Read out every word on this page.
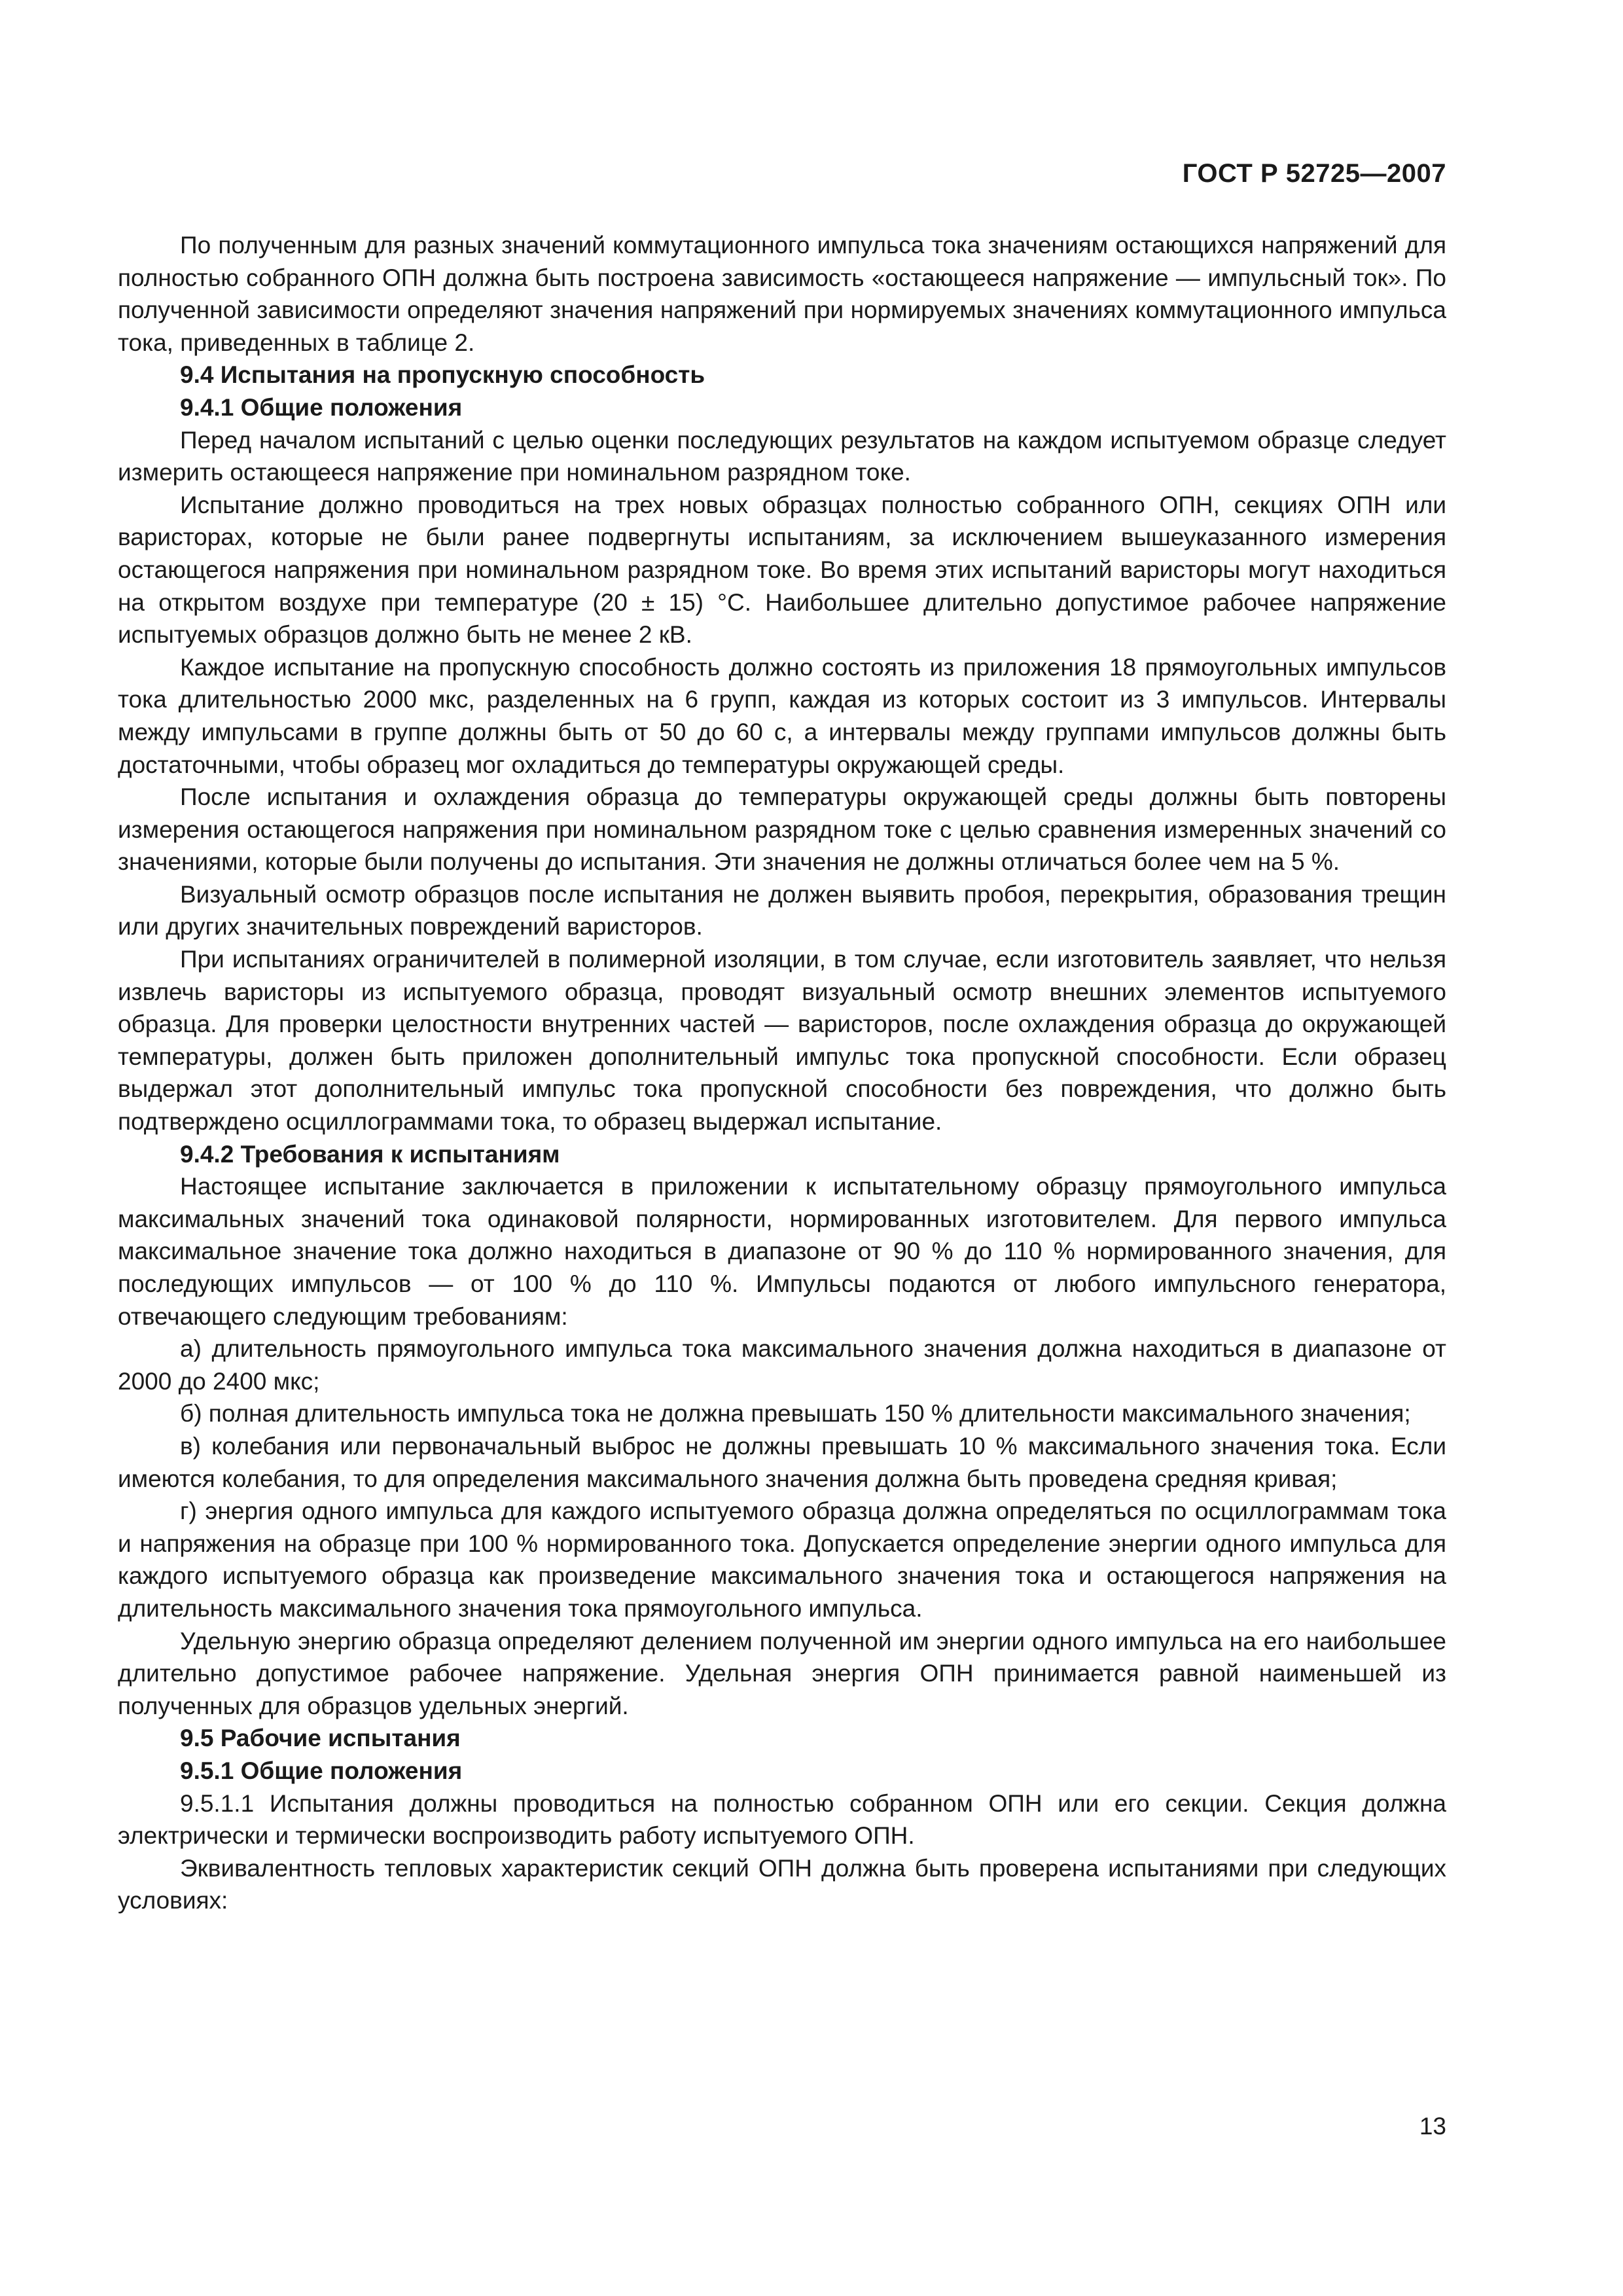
ГОСТ Р 52725—2007

По полученным для разных значений коммутационного импульса тока значениям остающихся напряжений для полностью собранного ОПН должна быть построена зависимость «остающееся напряжение — импульсный ток». По полученной зависимости определяют значения напряжений при нормируемых значениях коммутационного импульса тока, приведенных в таблице 2.

9.4 Испытания на пропускную способность
9.4.1 Общие положения

Перед началом испытаний с целью оценки последующих результатов на каждом испытуемом образце следует измерить остающееся напряжение при номинальном разрядном токе.

Испытание должно проводиться на трех новых образцах полностью собранного ОПН, секциях ОПН или варисторах, которые не были ранее подвергнуты испытаниям, за исключением вышеуказанного измерения остающегося напряжения при номинальном разрядном токе. Во время этих испытаний варисторы могут находиться на открытом воздухе при температуре (20 ± 15) °С. Наибольшее длительно допустимое рабочее напряжение испытуемых образцов должно быть не менее 2 кВ.

Каждое испытание на пропускную способность должно состоять из приложения 18 прямоугольных импульсов тока длительностью 2000 мкс, разделенных на 6 групп, каждая из которых состоит из 3 импульсов. Интервалы между импульсами в группе должны быть от 50 до 60 с, а интервалы между группами импульсов должны быть достаточными, чтобы образец мог охладиться до температуры окружающей среды.

После испытания и охлаждения образца до температуры окружающей среды должны быть повторены измерения остающегося напряжения при номинальном разрядном токе с целью сравнения измеренных значений со значениями, которые были получены до испытания. Эти значения не должны отличаться более чем на 5 %.

Визуальный осмотр образцов после испытания не должен выявить пробоя, перекрытия, образования трещин или других значительных повреждений варисторов.

При испытаниях ограничителей в полимерной изоляции, в том случае, если изготовитель заявляет, что нельзя извлечь варисторы из испытуемого образца, проводят визуальный осмотр внешних элементов испытуемого образца. Для проверки целостности внутренних частей — варисторов, после охлаждения образца до окружающей температуры, должен быть приложен дополнительный импульс тока пропускной способности. Если образец выдержал этот дополнительный импульс тока пропускной способности без повреждения, что должно быть подтверждено осциллограммами тока, то образец выдержал испытание.

9.4.2 Требования к испытаниям

Настоящее испытание заключается в приложении к испытательному образцу прямоугольного импульса максимальных значений тока одинаковой полярности, нормированных изготовителем. Для первого импульса максимальное значение тока должно находиться в диапазоне от 90 % до 110 % нормированного значения, для последующих импульсов — от 100 % до 110 %. Импульсы подаются от любого импульсного генератора, отвечающего следующим требованиям:

а) длительность прямоугольного импульса тока максимального значения должна находиться в диапазоне от 2000 до 2400 мкс;

б) полная длительность импульса тока не должна превышать 150 % длительности максимального значения;

в) колебания или первоначальный выброс не должны превышать 10 % максимального значения тока. Если имеются колебания, то для определения максимального значения должна быть проведена средняя кривая;

г) энергия одного импульса для каждого испытуемого образца должна определяться по осциллограммам тока и напряжения на образце при 100 % нормированного тока. Допускается определение энергии одного импульса для каждого испытуемого образца как произведение максимального значения тока и остающегося напряжения на длительность максимального значения тока прямоугольного импульса.

Удельную энергию образца определяют делением полученной им энергии одного импульса на его наибольшее длительно допустимое рабочее напряжение. Удельная энергия ОПН принимается равной наименьшей из полученных для образцов удельных энергий.

9.5 Рабочие испытания
9.5.1 Общие положения

9.5.1.1 Испытания должны проводиться на полностью собранном ОПН или его секции. Секция должна электрически и термически воспроизводить работу испытуемого ОПН.

Эквивалентность тепловых характеристик секций ОПН должна быть проверена испытаниями при следующих условиях:

13
